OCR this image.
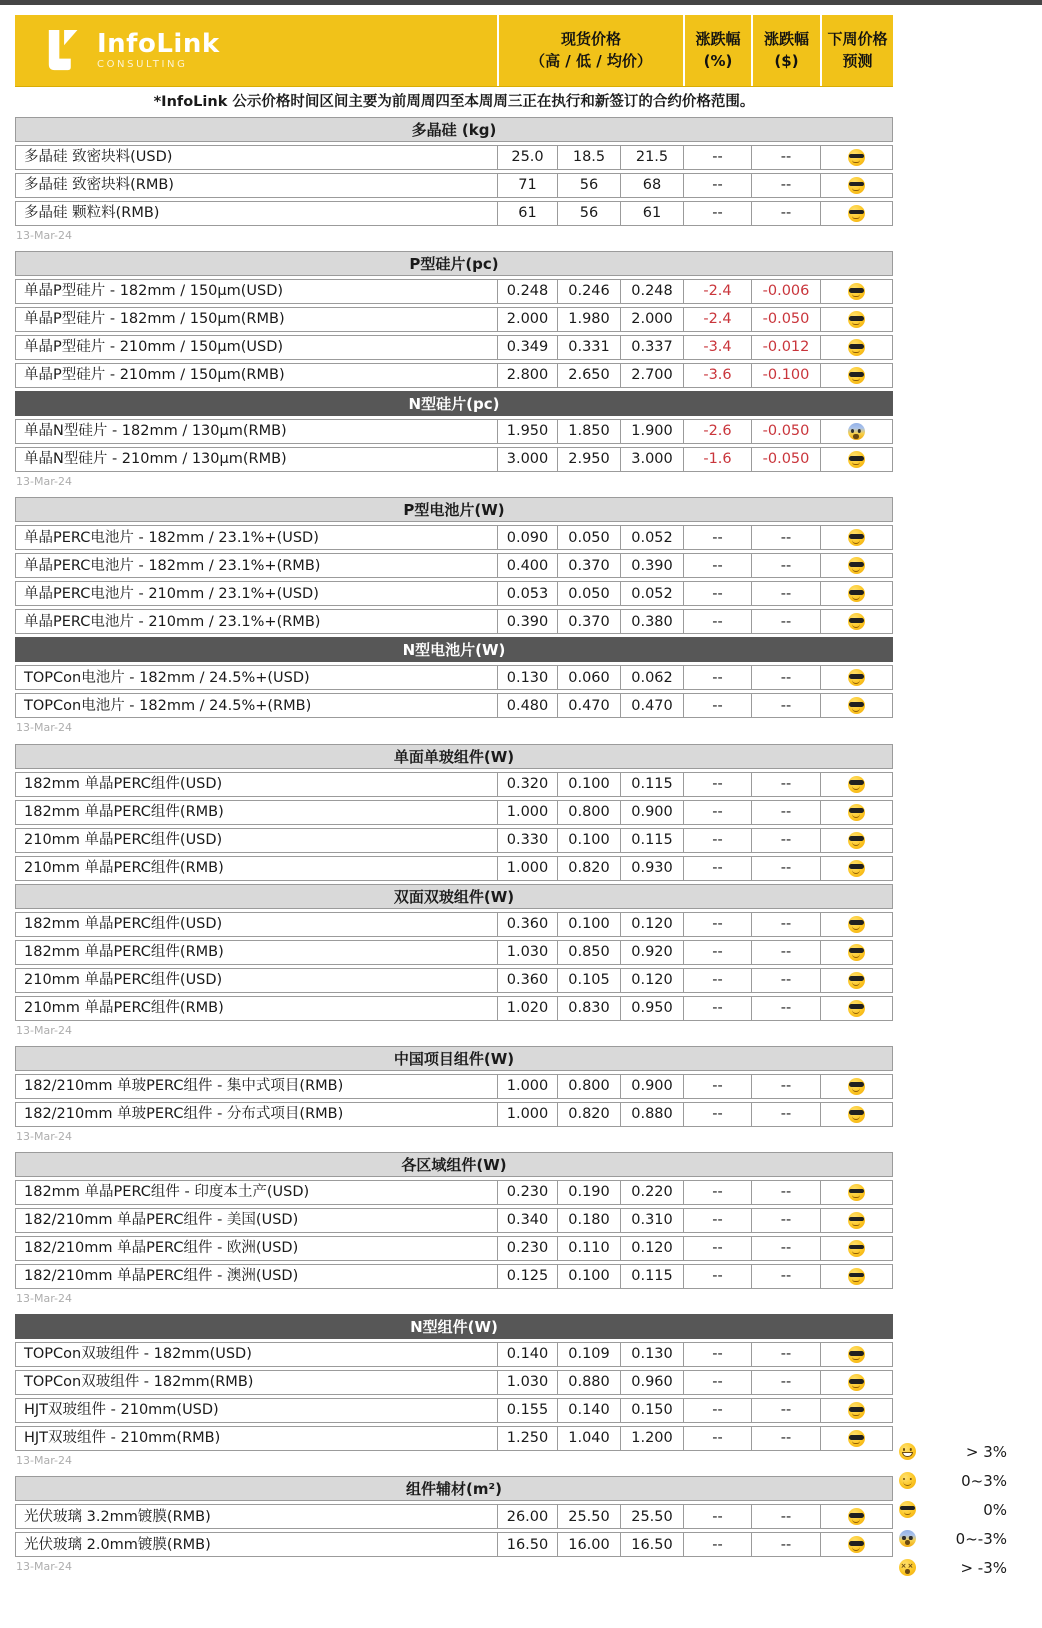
InfoLink
CONSULTING
现货价格
（高 / 低 / 均价）
涨跌幅
(%)
涨跌幅
($)
下周价格
预测
*InfoLink 公示价格时间区间主要为前周周四至本周周三正在执行和新签订的合约价格范围。
多晶硅 (kg)
多晶硅 致密块料(USD)	25.0	18.5	21.5	--	--
多晶硅 致密块料(RMB)	71	56	68	--	--
多晶硅 颗粒料(RMB)	61	56	61	--	--
13-Mar-24
P型硅片(pc)
单晶P型硅片 - 182mm / 150μm(USD)	0.248	0.246	0.248	-2.4	-0.006
单晶P型硅片 - 182mm / 150μm(RMB)	2.000	1.980	2.000	-2.4	-0.050
单晶P型硅片 - 210mm / 150μm(USD)	0.349	0.331	0.337	-3.4	-0.012
单晶P型硅片 - 210mm / 150μm(RMB)	2.800	2.650	2.700	-3.6	-0.100
N型硅片(pc)
单晶N型硅片 - 182mm / 130μm(RMB)	1.950	1.850	1.900	-2.6	-0.050
单晶N型硅片 - 210mm / 130μm(RMB)	3.000	2.950	3.000	-1.6	-0.050
13-Mar-24
P型电池片(W)
单晶PERC电池片 - 182mm / 23.1%+(USD)	0.090	0.050	0.052	--	--
单晶PERC电池片 - 182mm / 23.1%+(RMB)	0.400	0.370	0.390	--	--
单晶PERC电池片 - 210mm / 23.1%+(USD)	0.053	0.050	0.052	--	--
单晶PERC电池片 - 210mm / 23.1%+(RMB)	0.390	0.370	0.380	--	--
N型电池片(W)
TOPCon电池片 - 182mm / 24.5%+(USD)	0.130	0.060	0.062	--	--
TOPCon电池片 - 182mm / 24.5%+(RMB)	0.480	0.470	0.470	--	--
13-Mar-24
单面单玻组件(W)
182mm 单晶PERC组件(USD)	0.320	0.100	0.115	--	--
182mm 单晶PERC组件(RMB)	1.000	0.800	0.900	--	--
210mm 单晶PERC组件(USD)	0.330	0.100	0.115	--	--
210mm 单晶PERC组件(RMB)	1.000	0.820	0.930	--	--
双面双玻组件(W)
182mm 单晶PERC组件(USD)	0.360	0.100	0.120	--	--
182mm 单晶PERC组件(RMB)	1.030	0.850	0.920	--	--
210mm 单晶PERC组件(USD)	0.360	0.105	0.120	--	--
210mm 单晶PERC组件(RMB)	1.020	0.830	0.950	--	--
13-Mar-24
中国项目组件(W)
182/210mm 单玻PERC组件 - 集中式项目(RMB)	1.000	0.800	0.900	--	--
182/210mm 单玻PERC组件 - 分布式项目(RMB)	1.000	0.820	0.880	--	--
13-Mar-24
各区域组件(W)
182mm 单晶PERC组件 - 印度本土产(USD)	0.230	0.190	0.220	--	--
182/210mm 单晶PERC组件 - 美国(USD)	0.340	0.180	0.310	--	--
182/210mm 单晶PERC组件 - 欧洲(USD)	0.230	0.110	0.120	--	--
182/210mm 单晶PERC组件 - 澳洲(USD)	0.125	0.100	0.115	--	--
13-Mar-24
N型组件(W)
TOPCon双玻组件 - 182mm(USD)	0.140	0.109	0.130	--	--
TOPCon双玻组件 - 182mm(RMB)	1.030	0.880	0.960	--	--
HJT双玻组件 - 210mm(USD)	0.155	0.140	0.150	--	--
HJT双玻组件 - 210mm(RMB)	1.250	1.040	1.200	--	--
13-Mar-24
组件辅材(m²)
光伏玻璃 3.2mm镀膜(RMB)	26.00	25.50	25.50	--	--
光伏玻璃 2.0mm镀膜(RMB)	16.50	16.00	16.50	--	--
13-Mar-24
> 3%
0~3%
0%
0~-3%
××
> -3%
